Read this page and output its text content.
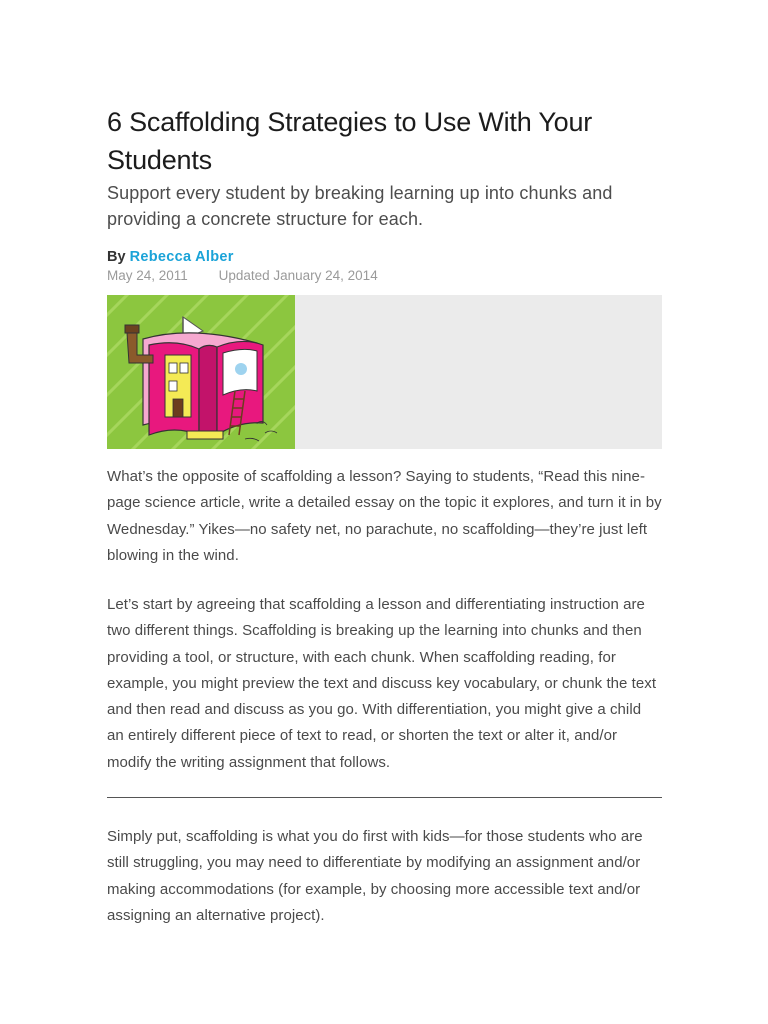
6 Scaffolding Strategies to Use With Your Students

Support every student by breaking learning up into chunks and providing a concrete structure for each.

By Rebecca Alber
May 24, 2011 Updated January 24, 2014

What’s the opposite of scaffolding a lesson? Saying to students, “Read this nine-page science article, write a detailed essay on the topic it explores, and turn it in by Wednesday.” Yikes—no safety net, no parachute, no scaffolding—they’re just left blowing in the wind.

Let’s start by agreeing that scaffolding a lesson and differentiating instruction are two different things. Scaffolding is breaking up the learning into chunks and then providing a tool, or structure, with each chunk. When scaffolding reading, for example, you might preview the text and discuss key vocabulary, or chunk the text and then read and discuss as you go. With differentiation, you might give a child an entirely different piece of text to read, or shorten the text or alter it, and/or modify the writing assignment that follows.

Simply put, scaffolding is what you do first with kids—for those students who are still struggling, you may need to differentiate by modifying an assignment and/or making accommodations (for example, by choosing more accessible text and/or assigning an alternative project).
